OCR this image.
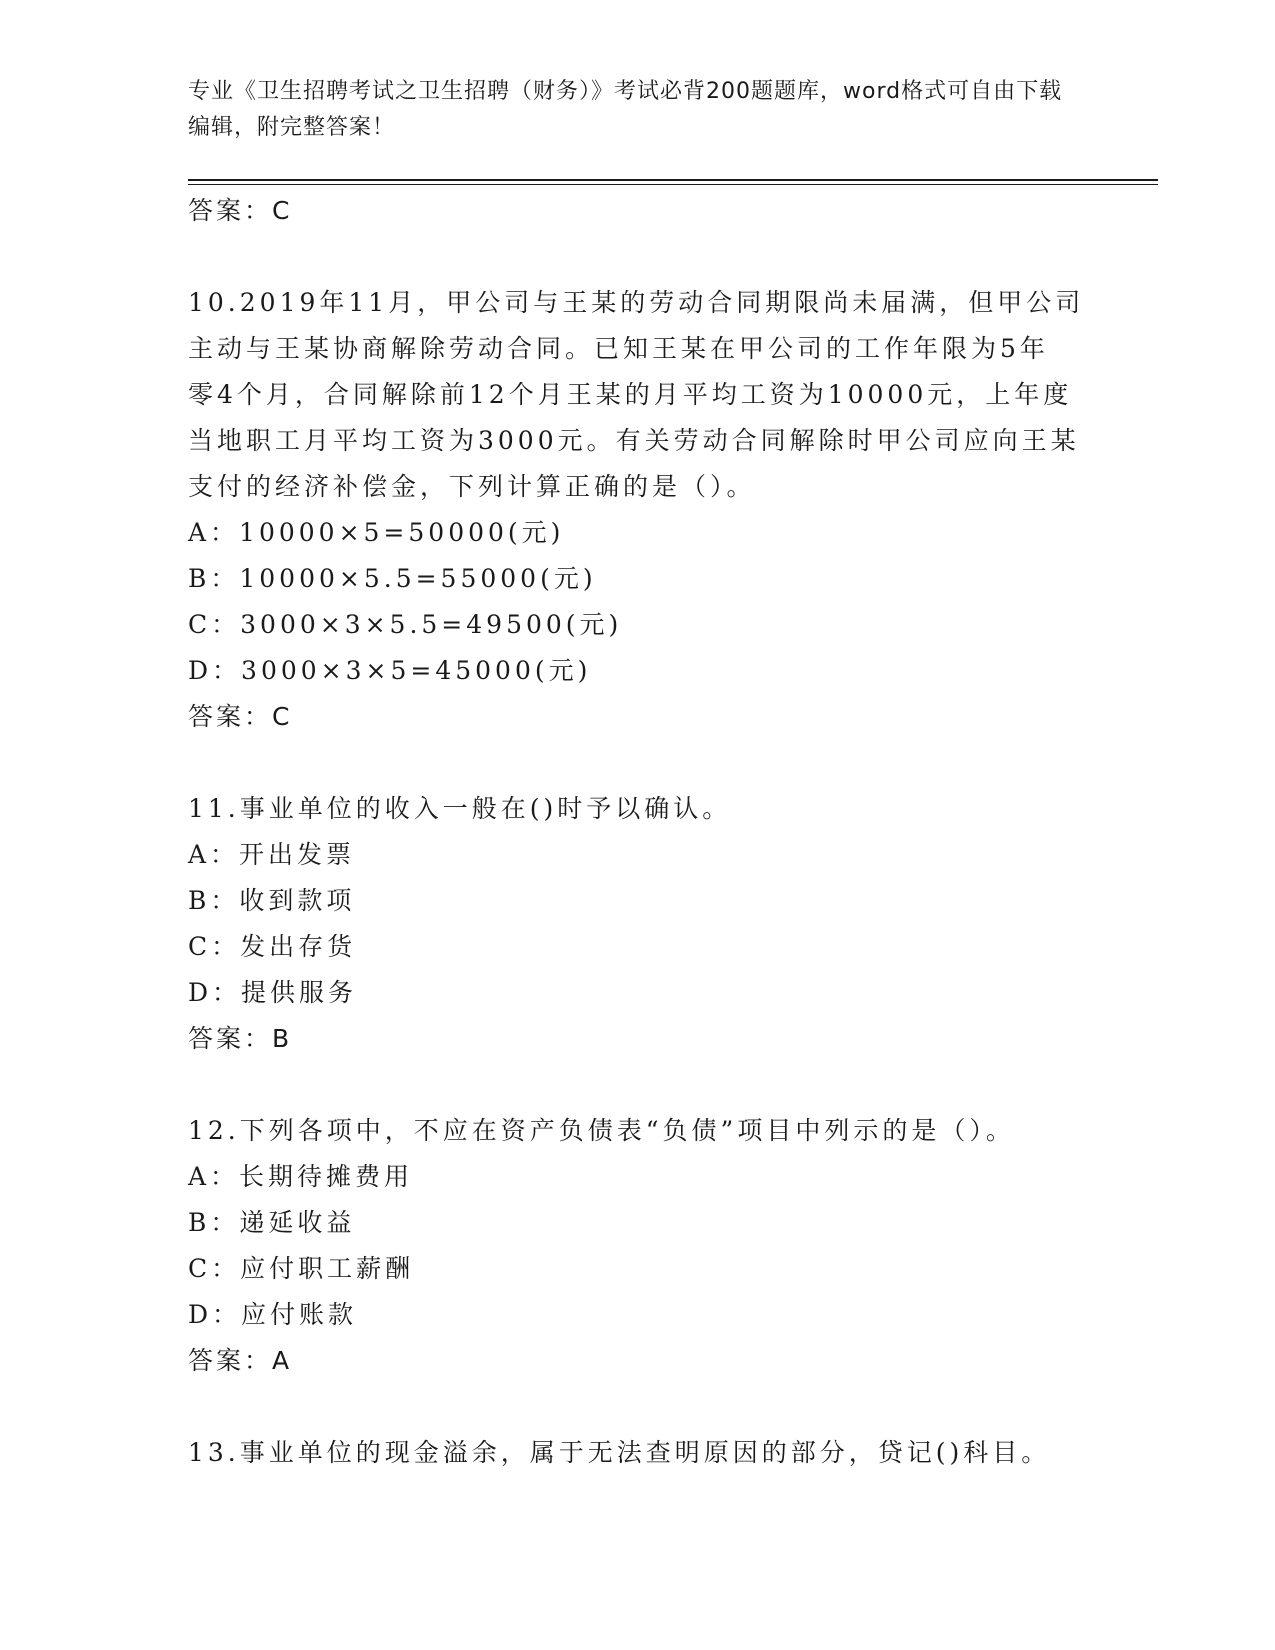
专业《卫生招聘考试之卫生招聘（财务）》考试必背200题题库，word格式可自由下载编辑，附完整答案！
答案：C
10.2019年11月，甲公司与王某的劳动合同期限尚未届满，但甲公司
主动与王某协商解除劳动合同。已知王某在甲公司的工作年限为5年
零4个月，合同解除前12个月王某的月平均工资为10000元，上年度
当地职工月平均工资为3000元。有关劳动合同解除时甲公司应向王某
支付的经济补偿金，下列计算正确的是（）。
A：10000×5=50000(元)
B：10000×5.5=55000(元)
C：3000×3×5.5=49500(元)
D：3000×3×5=45000(元)
答案：C
11.事业单位的收入一般在()时予以确认。
A：开出发票
B：收到款项
C：发出存货
D：提供服务
答案：B
12.下列各项中，不应在资产负债表“负债”项目中列示的是（）。
A：长期待摊费用
B：递延收益
C：应付职工薪酬
D：应付账款
答案：A
13.事业单位的现金溢余，属于无法查明原因的部分，贷记()科目。
